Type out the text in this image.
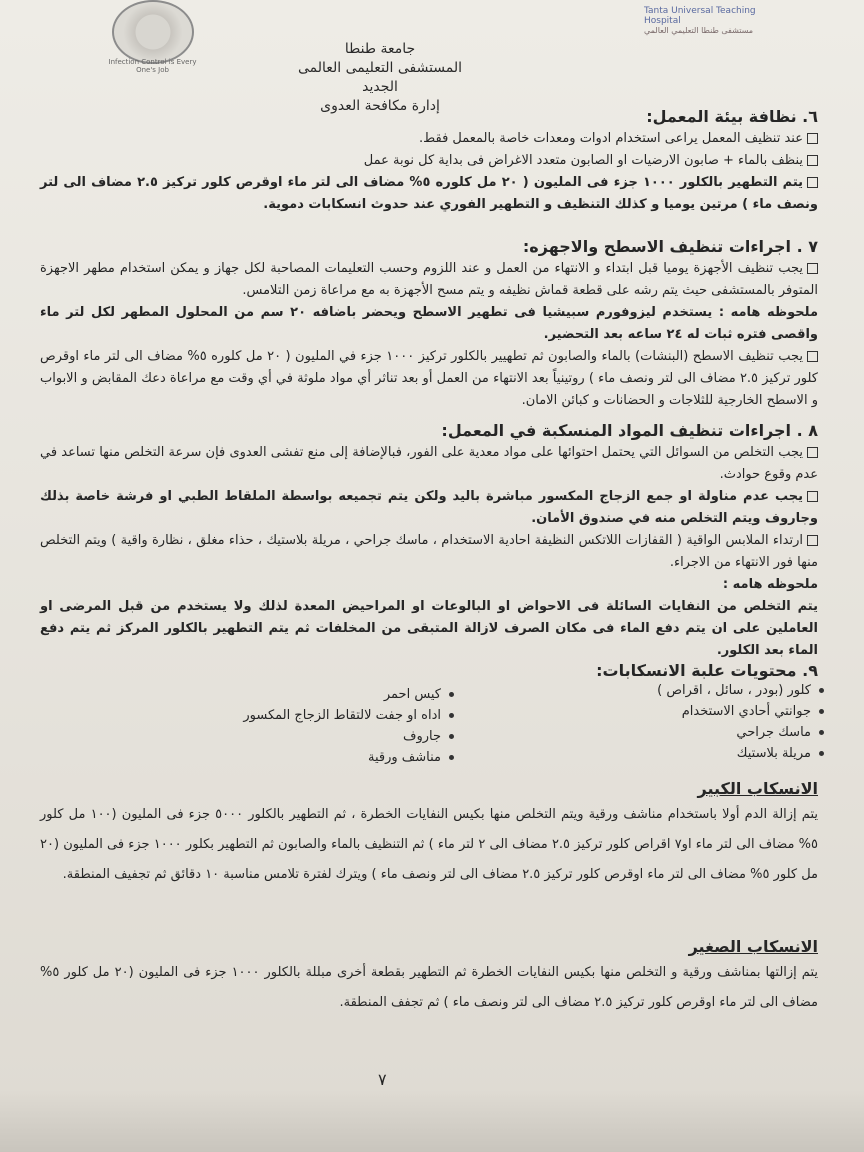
Infection Control is Every One's Job
Tanta Universal Teaching Hospital
مستشفى طنطا التعليمي العالمي
جامعة طنطا
المستشفى التعليمى العالمى الجديد
إدارة مكافحة العدوى
٦. نظافة بيئة المعمل:
عند تنظيف المعمل يراعى استخدام ادوات ومعدات خاصة بالمعمل فقط.
ينظف بالماء + صابون الارضيات او الصابون متعدد الاغراض فى بداية كل نوبة عمل
يتم التطهير بالكلور ١٠٠٠ جزء فى المليون ( ٢٠ مل كلوره ٥% مضاف الى لتر ماء اوقرص كلور تركيز ٢.٥ مضاف الى لتر ونصف ماء ) مرتين يوميا و كذلك التنظيف و التطهير الفوري عند حدوث انسكابات دموية.
٧ . اجراءات تنظيف الاسطح والاجهزه:
يجب تنظيف الأجهزة يوميا قبل ابتداء و الانتهاء من العمل و عند اللزوم وحسب التعليمات المصاحبة لكل جهاز و يمكن استخدام مطهر الاجهزة المتوفر بالمستشفى حيث يتم رشه على قطعة قماش نظيفه و يتم مسح الأجهزة به مع مراعاة زمن التلامس.
ملحوظه هامه : يستخدم ليزوفورم سبيشيا فى تطهير الاسطح ويحضر باضافه ٢٠ سم من المحلول المطهر لكل لتر ماء واقصى فتره ثبات له ٢٤ ساعه بعد التحضير.
يجب تنظيف الاسطح (البنشات) بالماء والصابون ثم تطهيير بالكلور تركيز ١٠٠٠ جزء في المليون ( ٢٠ مل كلوره ٥% مضاف الى لتر ماء اوقرص كلور تركيز ٢.٥ مضاف الى لتر ونصف ماء ) روتينياً بعد الانتهاء من العمل أو بعد تناثر أي مواد ملوثة في أي وقت مع مراعاة دعك المقابض و الابواب و الاسطح الخارجية للثلاجات و الحضانات و كبائن الامان.
٨ . اجراءات تنظيف المواد المنسكبة في المعمل:
يجب التخلص من السوائل التي يحتمل احتوائها على مواد معدية على الفور، فبالإضافة إلى منع تفشى العدوى فإن سرعة التخلص منها تساعد في عدم وقوع حوادث.
يجب عدم مناولة او جمع الزجاج المكسور مباشرة باليد ولكن يتم تجميعه بواسطة الملقاط الطبي او فرشة خاصة بذلك وجاروف ويتم التخلص منه في صندوق الأمان.
ارتداء الملابس الواقية ( القفازات اللاتكس النظيفة احادية الاستخدام ، ماسك جراحي ، مريلة بلاستيك ، حذاء مغلق ، نظارة واقية ) ويتم التخلص منها فور الانتهاء من الاجراء.
ملحوظه هامه :
يتم التخلص من النفايات السائلة فى الاحواض او البالوعات او المراحيض المعدة لذلك ولا يستخدم من قبل المرضى او العاملين على ان يتم دفع الماء فى مكان الصرف لازالة المتبقى من المخلفات ثم يتم التطهير بالكلور المركز ثم يتم دفع الماء بعد الكلور.
٩. محتويات علبة الانسكابات:
كلور (بودر ، سائل ، اقراص )
جوانتي أحادي الاستخدام
ماسك جراحي
مريلة بلاستيك
كيس احمر
اداه او جفت لالتقاط الزجاج المكسور
جاروف
مناشف ورقية
الانسكاب الكبير
يتم إزالة الدم أولا باستخدام مناشف ورقية ويتم التخلص منها بكيس النفايات الخطرة ، ثم التطهير بالكلور ٥٠٠٠ جزء فى المليون (١٠٠ مل كلور ٥% مضاف الى لتر ماء او٧ اقراص كلور تركيز ٢.٥ مضاف الى ٢ لتر ماء ) ثم التنظيف بالماء والصابون ثم التطهير بكلور ١٠٠٠ جزء فى المليون (٢٠ مل كلور ٥% مضاف الى لتر ماء اوقرص كلور تركيز ٢.٥ مضاف الى لتر ونصف ماء ) ويترك لفترة تلامس مناسبة ١٠ دقائق ثم تجفيف المنطقة.
الانسكاب الصغير
يتم إزالتها بمناشف ورقية و التخلص منها بكيس النفايات الخطرة ثم التطهير بقطعة أخرى مبللة بالكلور ١٠٠٠ جزء فى المليون (٢٠ مل كلور ٥% مضاف الى لتر ماء اوقرص كلور تركيز ٢.٥ مضاف الى لتر ونصف ماء ) ثم تجفف المنطقة.
٧
